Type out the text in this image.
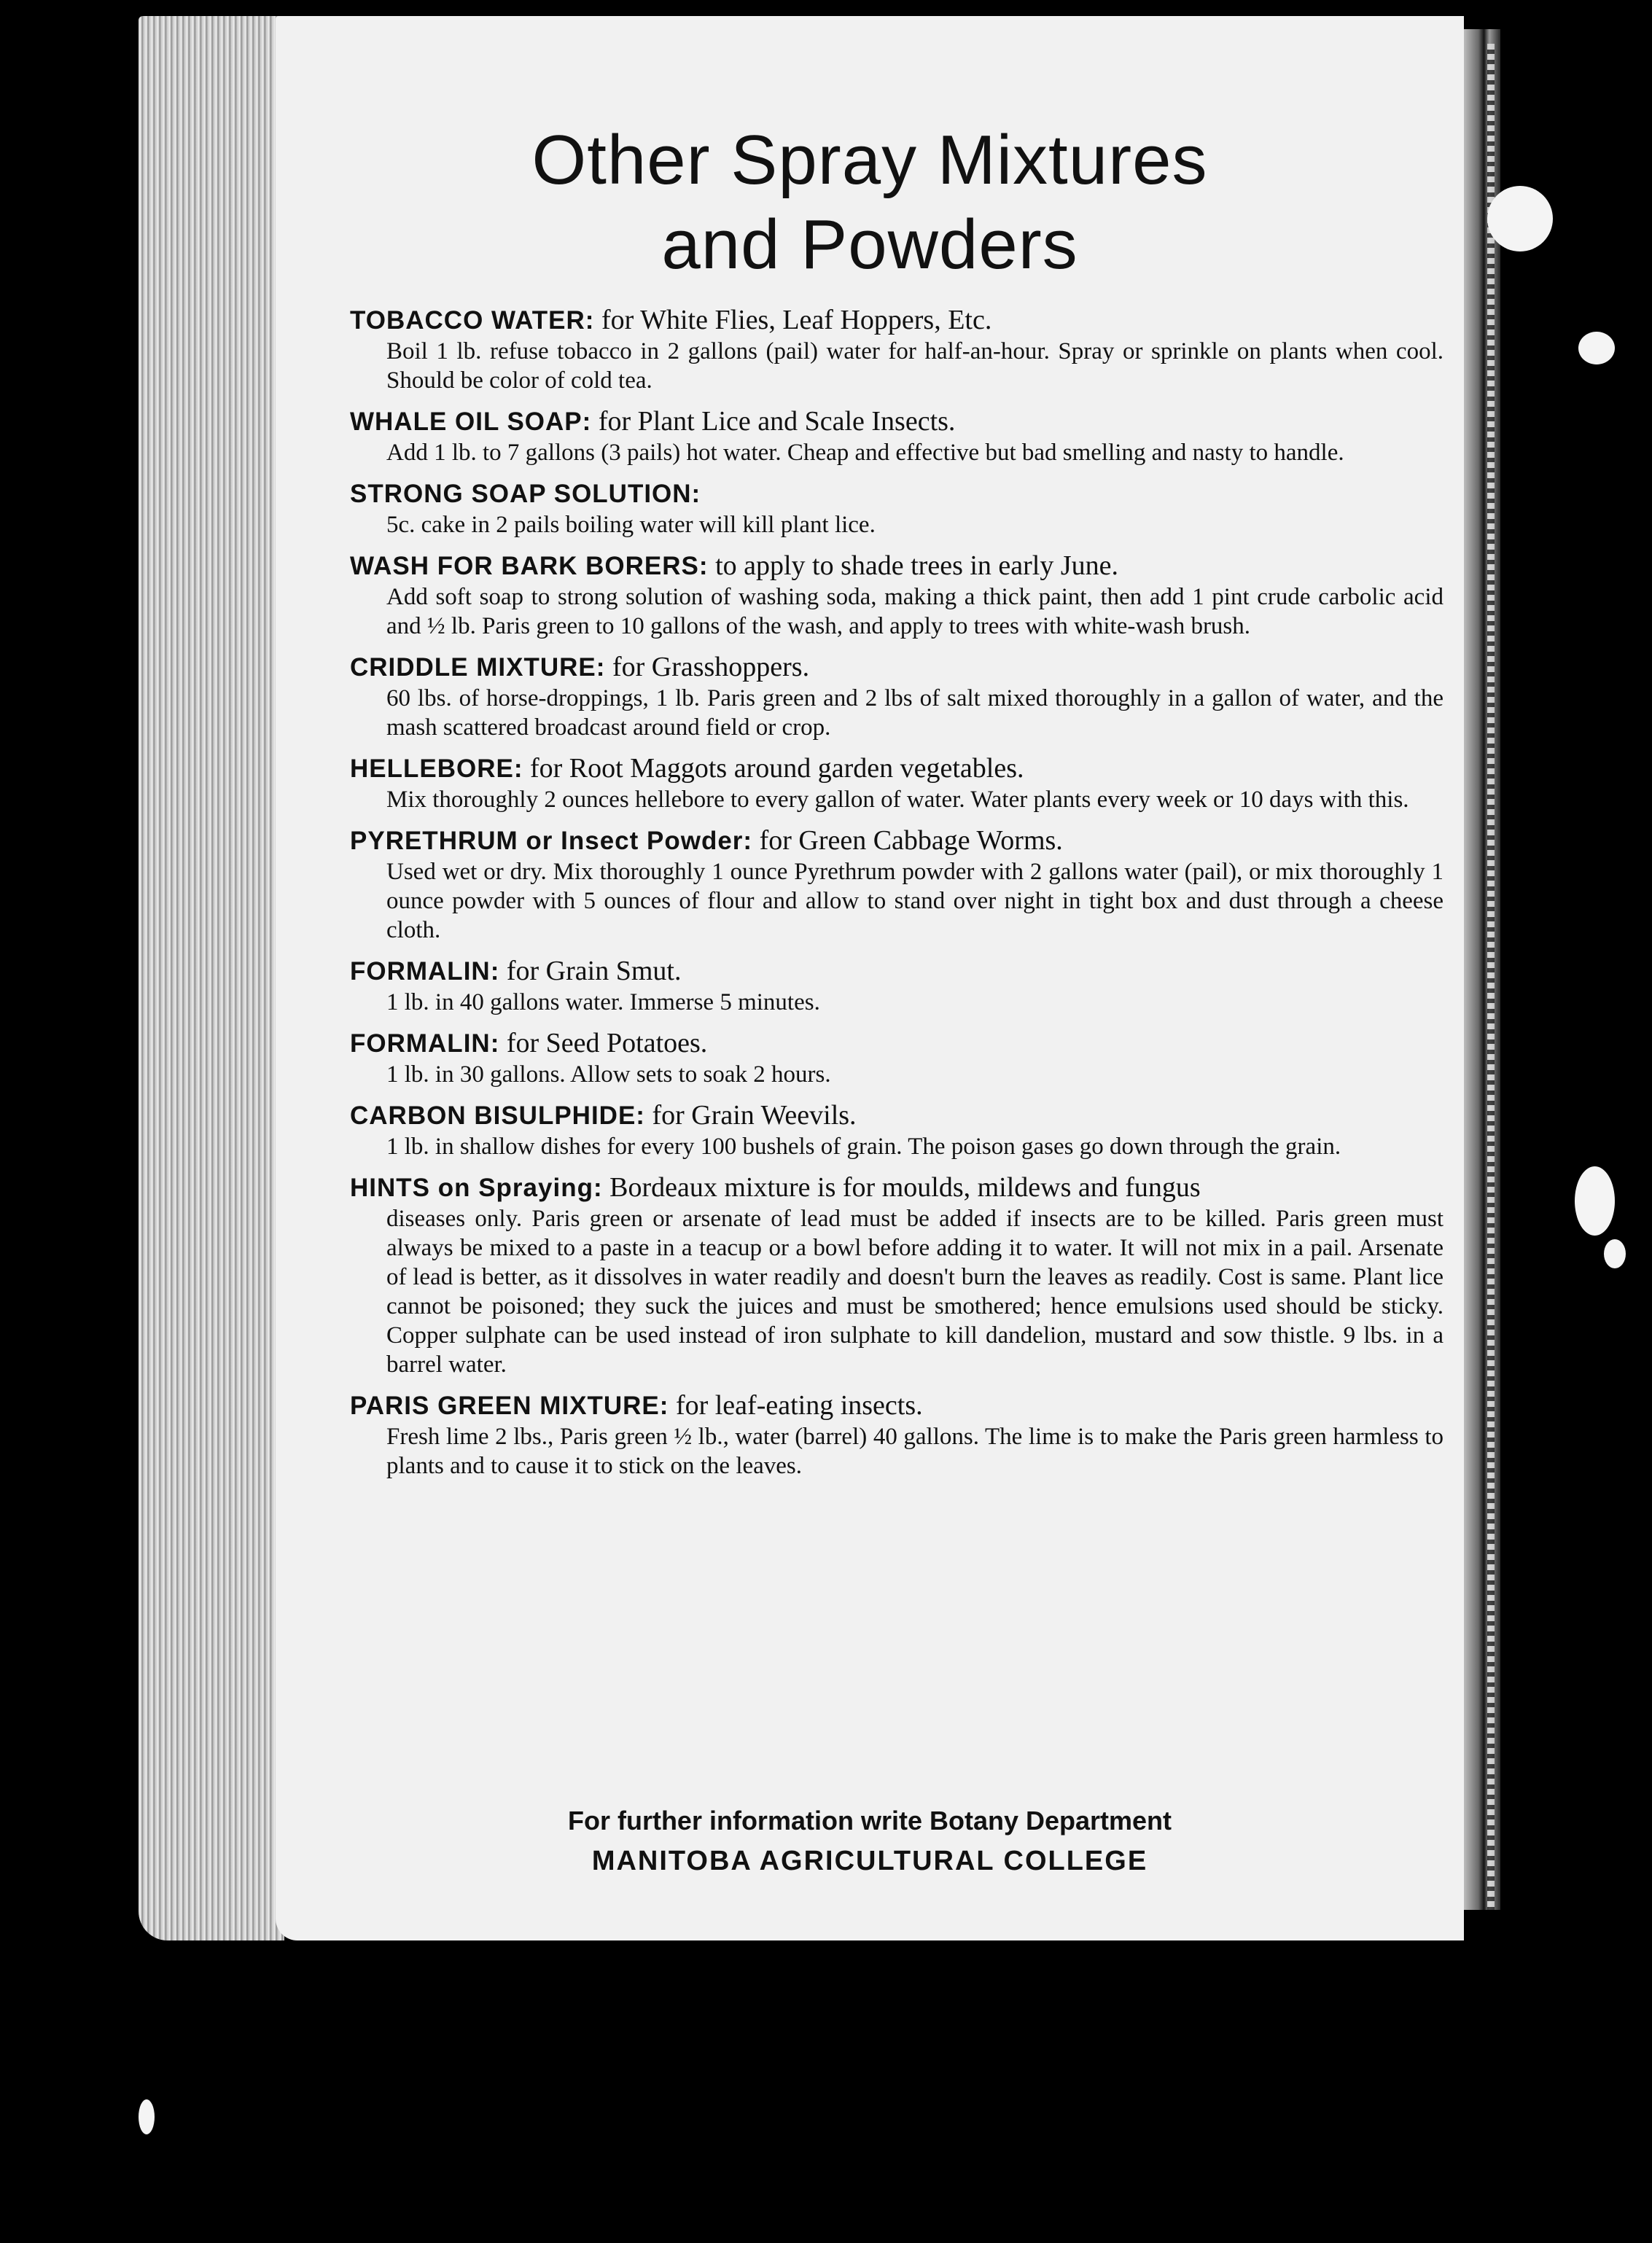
Other Spray Mixtures
and Powders
TOBACCO WATER: for White Flies, Leaf Hoppers, Etc.
Boil 1 lb. refuse tobacco in 2 gallons (pail) water for half-an-hour. Spray or sprinkle on plants when cool. Should be color of cold tea.
WHALE OIL SOAP: for Plant Lice and Scale Insects.
Add 1 lb. to 7 gallons (3 pails) hot water. Cheap and effective but bad smelling and nasty to handle.
STRONG SOAP SOLUTION:
5c. cake in 2 pails boiling water will kill plant lice.
WASH FOR BARK BORERS: to apply to shade trees in early June.
Add soft soap to strong solution of washing soda, making a thick paint, then add 1 pint crude carbolic acid and ½ lb. Paris green to 10 gallons of the wash, and apply to trees with white-wash brush.
CRIDDLE MIXTURE: for Grasshoppers.
60 lbs. of horse-droppings, 1 lb. Paris green and 2 lbs of salt mixed thoroughly in a gallon of water, and the mash scattered broadcast around field or crop.
HELLEBORE: for Root Maggots around garden vegetables.
Mix thoroughly 2 ounces hellebore to every gallon of water. Water plants every week or 10 days with this.
PYRETHRUM or Insect Powder: for Green Cabbage Worms.
Used wet or dry. Mix thoroughly 1 ounce Pyrethrum powder with 2 gallons water (pail), or mix thoroughly 1 ounce powder with 5 ounces of flour and allow to stand over night in tight box and dust through a cheese cloth.
FORMALIN: for Grain Smut.
1 lb. in 40 gallons water. Immerse 5 minutes.
FORMALIN: for Seed Potatoes.
1 lb. in 30 gallons. Allow sets to soak 2 hours.
CARBON BISULPHIDE: for Grain Weevils.
1 lb. in shallow dishes for every 100 bushels of grain. The poison gases go down through the grain.
HINTS on Spraying: Bordeaux mixture is for moulds, mildews and fungus
diseases only. Paris green or arsenate of lead must be added if insects are to be killed. Paris green must always be mixed to a paste in a teacup or a bowl before adding it to water. It will not mix in a pail. Arsenate of lead is better, as it dissolves in water readily and doesn't burn the leaves as readily. Cost is same. Plant lice cannot be poisoned; they suck the juices and must be smothered; hence emulsions used should be sticky. Copper sulphate can be used instead of iron sulphate to kill dandelion, mustard and sow thistle. 9 lbs. in a barrel water.
PARIS GREEN MIXTURE: for leaf-eating insects.
Fresh lime 2 lbs., Paris green ½ lb., water (barrel) 40 gallons. The lime is to make the Paris green harmless to plants and to cause it to stick on the leaves.
For further information write Botany Department
MANITOBA AGRICULTURAL COLLEGE
